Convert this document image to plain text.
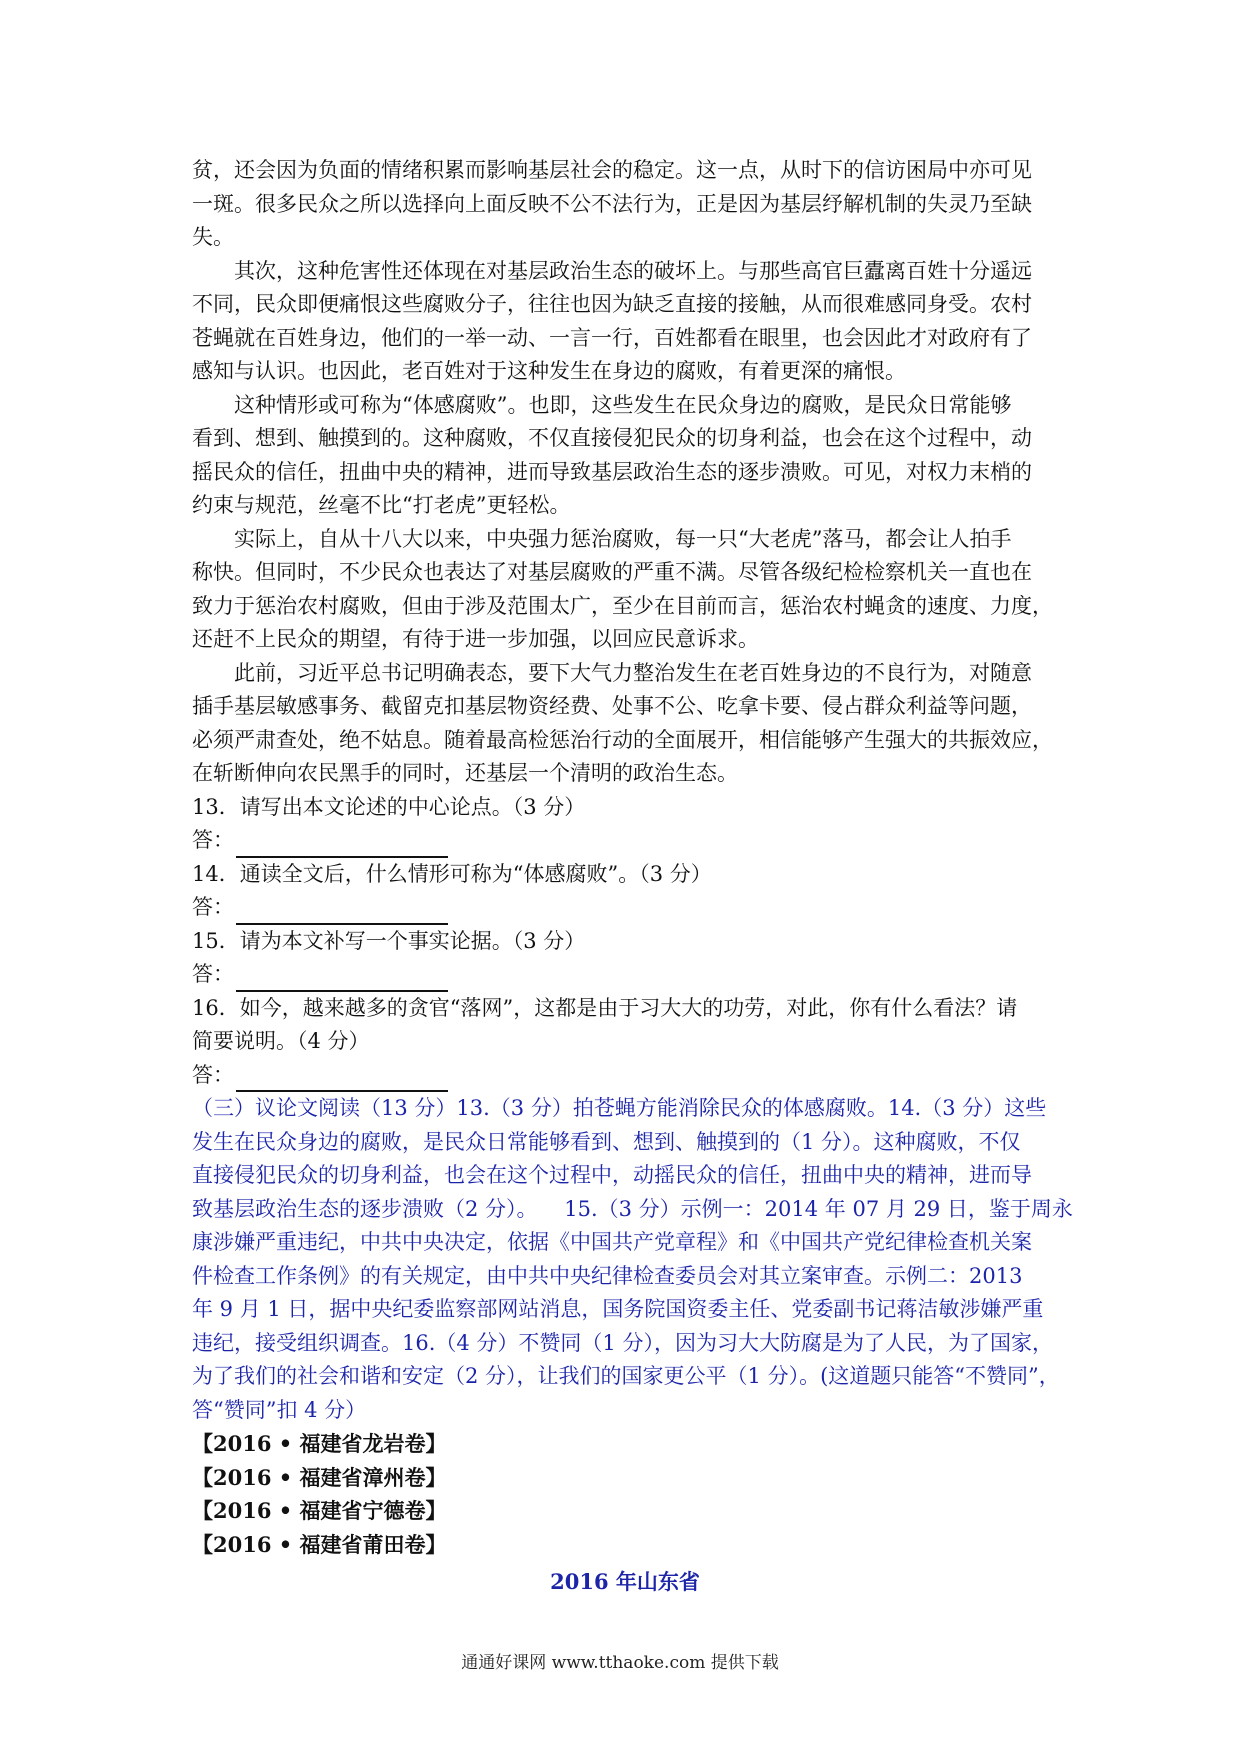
贫，还会因为负面的情绪积累而影响基层社会的稳定。这一点，从时下的信访困局中亦可见

一斑。很多民众之所以选择向上面反映不公不法行为，正是因为基层纾解机制的失灵乃至缺

失。

其次，这种危害性还体现在对基层政治生态的破坏上。与那些高官巨蠹离百姓十分遥远

不同，民众即便痛恨这些腐败分子，往往也因为缺乏直接的接触，从而很难感同身受。农村

苍蝇就在百姓身边，他们的一举一动、一言一行，百姓都看在眼里，也会因此才对政府有了

感知与认识。也因此，老百姓对于这种发生在身边的腐败，有着更深的痛恨。

这种情形或可称为“体感腐败”。也即，这些发生在民众身边的腐败，是民众日常能够

看到、想到、触摸到的。这种腐败，不仅直接侵犯民众的切身利益，也会在这个过程中，动

摇民众的信任，扭曲中央的精神，进而导致基层政治生态的逐步溃败。可见，对权力末梢的

约束与规范，丝毫不比“打老虎”更轻松。

实际上，自从十八大以来，中央强力惩治腐败，每一只“大老虎”落马，都会让人拍手

称快。但同时，不少民众也表达了对基层腐败的严重不满。尽管各级纪检检察机关一直也在

致力于惩治农村腐败，但由于涉及范围太广，至少在目前而言，惩治农村蝇贪的速度、力度，

还赶不上民众的期望，有待于进一步加强，以回应民意诉求。

此前，习近平总书记明确表态，要下大气力整治发生在老百姓身边的不良行为，对随意

插手基层敏感事务、截留克扣基层物资经费、处事不公、吃拿卡要、侵占群众利益等问题，

必须严肃查处，绝不姑息。随着最高检惩治行动的全面展开，相信能够产生强大的共振效应，

在斩断伸向农民黑手的同时，还基层一个清明的政治生态。

13．请写出本文论述的中心论点。（3 分）

答：

14．通读全文后，什么情形可称为“体感腐败”。（3 分）

答：

15．请为本文补写一个事实论据。（3 分）

答：

16．如今，越来越多的贪官“落网”，这都是由于习大大的功劳，对此，你有什么看法？请

简要说明。（4 分）

答：

（三）议论文阅读（13 分）13.（3 分）拍苍蝇方能消除民众的体感腐败。14.（3 分）这些

发生在民众身边的腐败，是民众日常能够看到、想到、触摸到的（1 分）。这种腐败，不仅

直接侵犯民众的切身利益，也会在这个过程中，动摇民众的信任，扭曲中央的精神，进而导

致基层政治生态的逐步溃败（2 分）。    15.（3 分）示例一：2014 年 07 月 29 日，鉴于周永

康涉嫌严重违纪，中共中央决定，依据《中国共产党章程》和《中国共产党纪律检查机关案

件检查工作条例》的有关规定，由中共中央纪律检查委员会对其立案审查。示例二：2013

年 9 月 1 日，据中央纪委监察部网站消息，国务院国资委主任、党委副书记蒋洁敏涉嫌严重

违纪，接受组织调查。16.（4 分）不赞同（1 分），因为习大大防腐是为了人民，为了国家，

为了我们的社会和谐和安定（2 分），让我们的国家更公平（1 分）。(这道题只能答“不赞同”，

答“赞同”扣 4 分）

【2016 • 福建省龙岩卷】

【2016 • 福建省漳州卷】

【2016 • 福建省宁德卷】

【2016 • 福建省莆田卷】

2016 年山东省
通通好课网 www.tthaoke.com 提供下载
